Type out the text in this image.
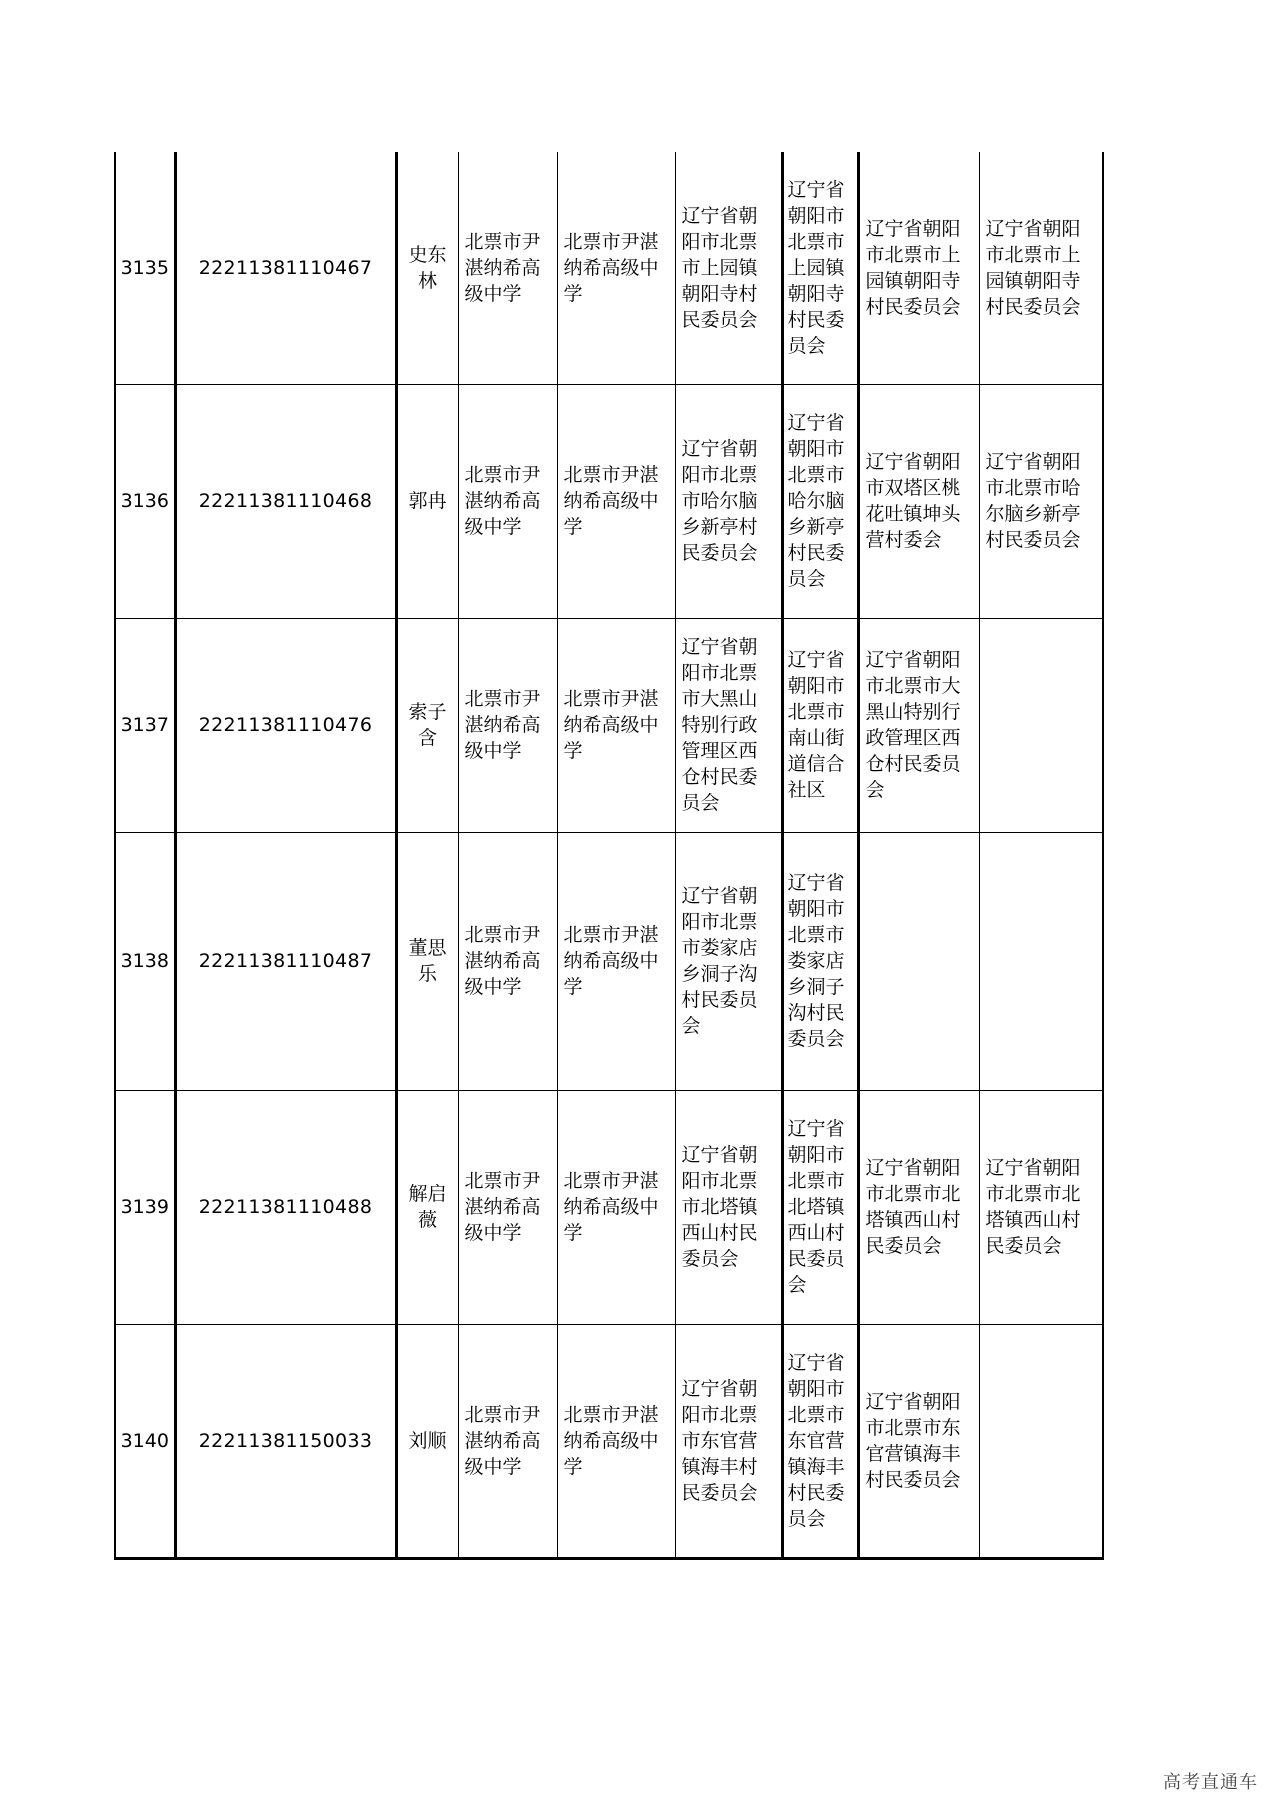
3135	22211381110467	史东林	北票市尹湛纳希高级中学	北票市尹湛纳希高级中学	辽宁省朝阳市北票市上园镇朝阳寺村民委员会	辽宁省朝阳市北票市上园镇朝阳寺村民委员会	辽宁省朝阳市北票市上园镇朝阳寺村民委员会	辽宁省朝阳市北票市上园镇朝阳寺村民委员会
3136	22211381110468	郭冉	北票市尹湛纳希高级中学	北票市尹湛纳希高级中学	辽宁省朝阳市北票市哈尔脑乡新亭村民委员会	辽宁省朝阳市北票市哈尔脑乡新亭村民委员会	辽宁省朝阳市双塔区桃花吐镇坤头营村委会	辽宁省朝阳市北票市哈尔脑乡新亭村民委员会
3137	22211381110476	索子含	北票市尹湛纳希高级中学	北票市尹湛纳希高级中学	辽宁省朝阳市北票市大黑山特别行政管理区西仓村民委员会	辽宁省朝阳市北票市南山街道信合社区	辽宁省朝阳市北票市大黑山特别行政管理区西仓村民委员会	
3138	22211381110487	董思乐	北票市尹湛纳希高级中学	北票市尹湛纳希高级中学	辽宁省朝阳市北票市娄家店乡洞子沟村民委员会	辽宁省朝阳市北票市娄家店乡洞子沟村民委员会		
3139	22211381110488	解启薇	北票市尹湛纳希高级中学	北票市尹湛纳希高级中学	辽宁省朝阳市北票市北塔镇西山村民委员会	辽宁省朝阳市北票市北塔镇西山村民委员会	辽宁省朝阳市北票市北塔镇西山村民委员会	辽宁省朝阳市北票市北塔镇西山村民委员会
3140	22211381150033	刘顺	北票市尹湛纳希高级中学	北票市尹湛纳希高级中学	辽宁省朝阳市北票市东官营镇海丰村民委员会	辽宁省朝阳市北票市东官营镇海丰村民委员会	辽宁省朝阳市北票市东官营镇海丰村民委员会	
高考直通车
